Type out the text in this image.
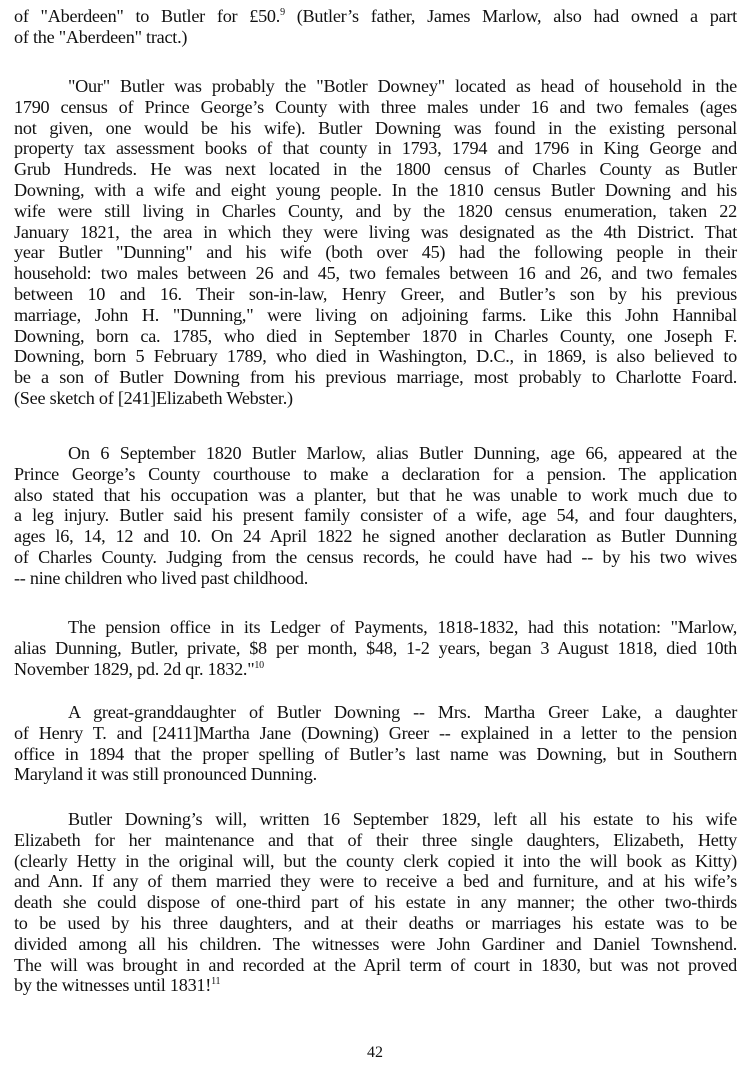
of "Aberdeen" to Butler for £50.$^9$ (Butler’s father, James Marlow, also had owned a part
of the "Aberdeen" tract.)
"Our" Butler was probably the "Botler Downey" located as head of household in the
1790 census of Prince George’s County with three males under 16 and two females (ages
not given, one would be his wife). Butler Downing was found in the existing personal
property tax assessment books of that county in 1793, 1794 and 1796 in King George and
Grub Hundreds. He was next located in the 1800 census of Charles County as Butler
Downing, with a wife and eight young people. In the 1810 census Butler Downing and his
wife were still living in Charles County, and by the 1820 census enumeration, taken 22
January 1821, the area in which they were living was designated as the 4th District. That
year Butler "Dunning" and his wife (both over 45) had the following people in their
household: two males between 26 and 45, two females between 16 and 26, and two females
between 10 and 16. Their son-in-law, Henry Greer, and Butler’s son by his previous
marriage, John H. "Dunning," were living on adjoining farms. Like this John Hannibal
Downing, born ca. 1785, who died in September 1870 in Charles County, one Joseph F.
Downing, born 5 February 1789, who died in Washington, D.C., in 1869, is also believed to
be a son of Butler Downing from his previous marriage, most probably to Charlotte Foard.
(See sketch of [241]Elizabeth Webster.)
On 6 September 1820 Butler Marlow, alias Butler Dunning, age 66, appeared at the
Prince George’s County courthouse to make a declaration for a pension. The application
also stated that his occupation was a planter, but that he was unable to work much due to
a leg injury. Butler said his present family consister of a wife, age 54, and four daughters,
ages l6, 14, 12 and 10. On 24 April 1822 he signed another declaration as Butler Dunning
of Charles County. Judging from the census records, he could have had -- by his two wives
-- nine children who lived past childhood.
The pension office in its Ledger of Payments, 1818-1832, had this notation: "Marlow,
alias Dunning, Butler, private, $8 per month, $48, 1-2 years, began 3 August 1818, died 10th
November 1829, pd. 2d qr. 1832."$^{10}$
A great-granddaughter of Butler Downing -- Mrs. Martha Greer Lake, a daughter
of Henry T. and [2411]Martha Jane (Downing) Greer -- explained in a letter to the pension
office in 1894 that the proper spelling of Butler’s last name was Downing, but in Southern
Maryland it was still pronounced Dunning.
Butler Downing’s will, written 16 September 1829, left all his estate to his wife
Elizabeth for her maintenance and that of their three single daughters, Elizabeth, Hetty
(clearly Hetty in the original will, but the county clerk copied it into the will book as Kitty)
and Ann. If any of them married they were to receive a bed and furniture, and at his wife’s
death she could dispose of one-third part of his estate in any manner; the other two-thirds
to be used by his three daughters, and at their deaths or marriages his estate was to be
divided among all his children. The witnesses were John Gardiner and Daniel Townshend.
The will was brought in and recorded at the April term of court in 1830, but was not proved
by the witnesses until 1831!$^{11}$
42
